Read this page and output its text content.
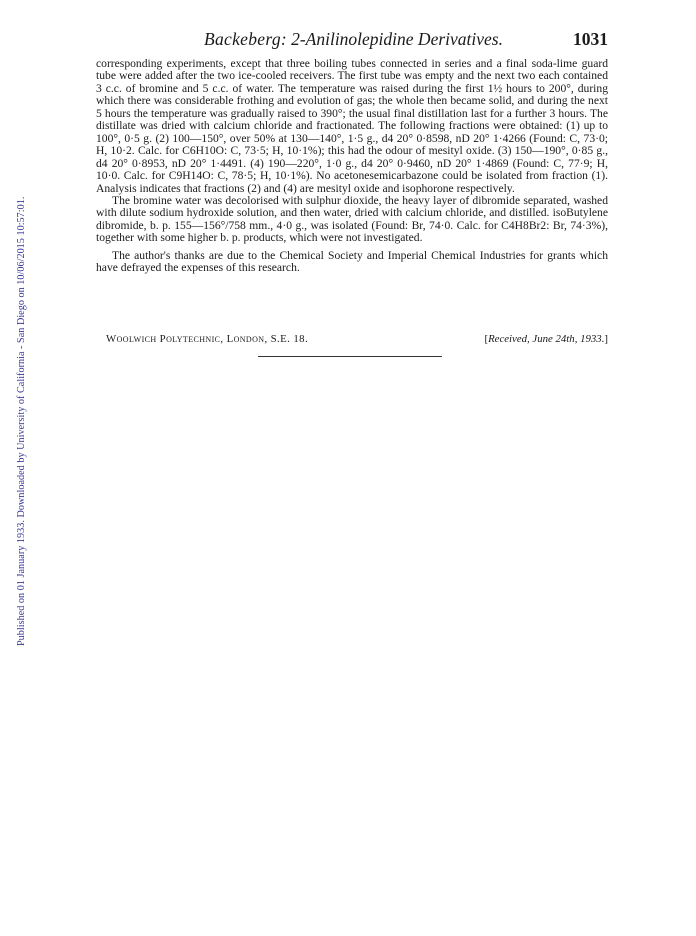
Published on 01 January 1933. Downloaded by University of California - San Diego on 10/06/2015 10:57:01.
Backeberg: 2-Anilinolepidine Derivatives.	1031

corresponding experiments, except that three boiling tubes connected in series and a final soda-lime guard tube were added after the two ice-cooled receivers. The first tube was empty and the next two each contained 3 c.c. of bromine and 5 c.c. of water. The temperature was raised during the first 1½ hours to 200°, during which there was considerable frothing and evolution of gas; the whole then became solid, and during the next 5 hours the temperature was gradually raised to 390°; the usual final distillation last for a further 3 hours. The distillate was dried with calcium chloride and fractionated. The following fractions were obtained: (1) up to 100°, 0·5 g. (2) 100—150°, over 50% at 130—140°, 1·5 g., d4 20° 0·8598, nD 20° 1·4266 (Found: C, 73·0; H, 10·2. Calc. for C6H10O: C, 73·5; H, 10·1%); this had the odour of mesityl oxide. (3) 150—190°, 0·85 g., d4 20° 0·8953, nD 20° 1·4491. (4) 190—220°, 1·0 g., d4 20° 0·9460, nD 20° 1·4869 (Found: C, 77·9; H, 10·0. Calc. for C9H14O: C, 78·5; H, 10·1%). No acetonesemicarbazone could be isolated from fraction (1). Analysis indicates that fractions (2) and (4) are mesityl oxide and isophorone respectively.

The bromine water was decolorised with sulphur dioxide, the heavy layer of dibromide separated, washed with dilute sodium hydroxide solution, and then water, dried with calcium chloride, and distilled. isoButylene dibromide, b. p. 155—156°/758 mm., 4·0 g., was isolated (Found: Br, 74·0. Calc. for C4H8Br2: Br, 74·3%), together with some higher b. p. products, which were not investigated.

The author's thanks are due to the Chemical Society and Imperial Chemical Industries for grants which have defrayed the expenses of this research.

Woolwich Polytechnic, London, S.E. 18.	[Received, June 24th, 1933.]
